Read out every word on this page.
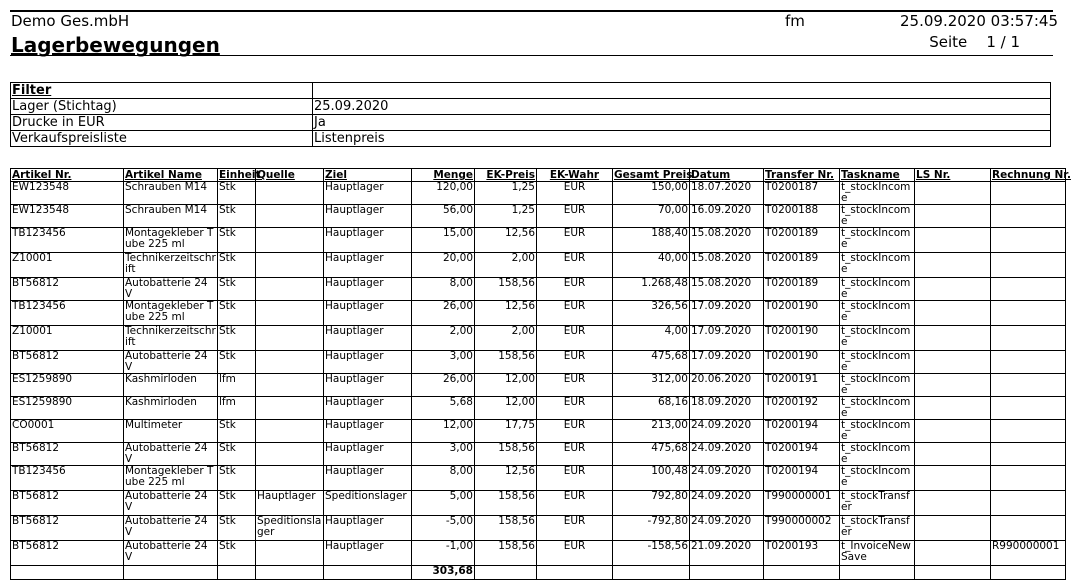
Demo Ges.mbH
Lagerbewegungen
fm	25.09.2020 03:57:45
Seite 1 / 1
Filter	
Lager (Stichtag)	25.09.2020
Drucke in EUR	Ja
Verkaufspreisliste	Listenpreis
Artikel Nr.	Artikel Name	Einheit	Quelle	Ziel	Menge	EK-Preis	EK-Wahr	Gesamt Preis	Datum	Transfer Nr.	Taskname	LS Nr.	Rechnung Nr.
EW123548	Schrauben M14	Stk		Hauptlager	120,00	1,25	EUR	150,00	18.07.2020	T0200187	t_stockIncome		
EW123548	Schrauben M14	Stk		Hauptlager	56,00	1,25	EUR	70,00	16.09.2020	T0200188	t_stockIncome		
TB123456	Montagekleber Tube 225 ml	Stk		Hauptlager	15,00	12,56	EUR	188,40	15.08.2020	T0200189	t_stockIncome		
Z10001	Technikerzeitschrift	Stk		Hauptlager	20,00	2,00	EUR	40,00	15.08.2020	T0200189	t_stockIncome		
BT56812	Autobatterie 24 V	Stk		Hauptlager	8,00	158,56	EUR	1.268,48	15.08.2020	T0200189	t_stockIncome		
TB123456	Montagekleber Tube 225 ml	Stk		Hauptlager	26,00	12,56	EUR	326,56	17.09.2020	T0200190	t_stockIncome		
Z10001	Technikerzeitschrift	Stk		Hauptlager	2,00	2,00	EUR	4,00	17.09.2020	T0200190	t_stockIncome		
BT56812	Autobatterie 24 V	Stk		Hauptlager	3,00	158,56	EUR	475,68	17.09.2020	T0200190	t_stockIncome		
ES1259890	Kashmirloden	lfm		Hauptlager	26,00	12,00	EUR	312,00	20.06.2020	T0200191	t_stockIncome		
ES1259890	Kashmirloden	lfm		Hauptlager	5,68	12,00	EUR	68,16	18.09.2020	T0200192	t_stockIncome		
CO0001	Multimeter	Stk		Hauptlager	12,00	17,75	EUR	213,00	24.09.2020	T0200194	t_stockIncome		
BT56812	Autobatterie 24 V	Stk		Hauptlager	3,00	158,56	EUR	475,68	24.09.2020	T0200194	t_stockIncome		
TB123456	Montagekleber Tube 225 ml	Stk		Hauptlager	8,00	12,56	EUR	100,48	24.09.2020	T0200194	t_stockIncome		
BT56812	Autobatterie 24 V	Stk	Hauptlager	Speditionslager	5,00	158,56	EUR	792,80	24.09.2020	T990000001	t_stockTransfer		
BT56812	Autobatterie 24 V	Stk	Speditionslager	Hauptlager	-5,00	158,56	EUR	-792,80	24.09.2020	T990000002	t_stockTransfer		
BT56812	Autobatterie 24 V	Stk		Hauptlager	-1,00	158,56	EUR	-158,56	21.09.2020	T0200193	t_InvoiceNewSave		R990000001
					303,68								
